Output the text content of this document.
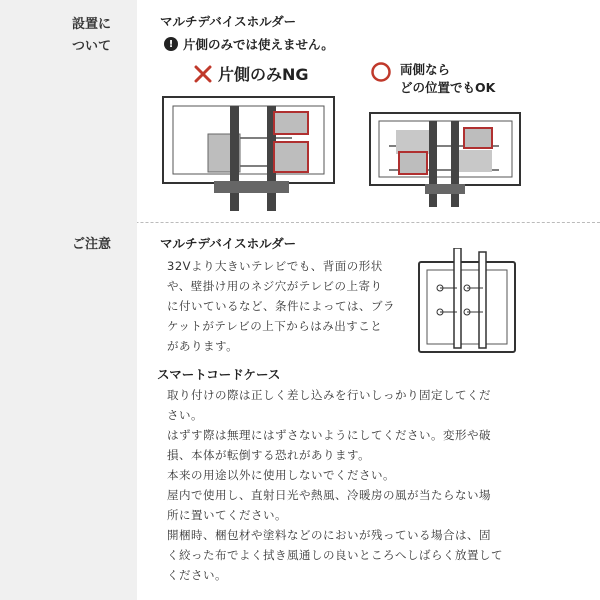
設置に
ついて
マルチデバイスホルダー
! 片側のみでは使えません。
片側のみNG	両側なら
どの位置でもOK
ご注意	マルチデバイスホルダー

32Vより大きいテレビでも、背面の形状

や、壁掛け用のネジ穴がテレビの上寄り

に付いているなど、条件によっては、ブラ

ケットがテレビの上下からはみ出すこと

があります。

スマートコードケース

取り付けの際は正しく差し込みを行いしっかり固定してくだ

さい。

はずす際は無理にはずさないようにしてください。変形や破

損、本体が転倒する恐れがあります。

本来の用途以外に使用しないでください。

屋内で使用し、直射日光や熱風、冷暖房の風が当たらない場

所に置いてください。

開梱時、梱包材や塗料などのにおいが残っている場合は、固

く絞った布でよく拭き風通しの良いところへしばらく放置して

ください。
